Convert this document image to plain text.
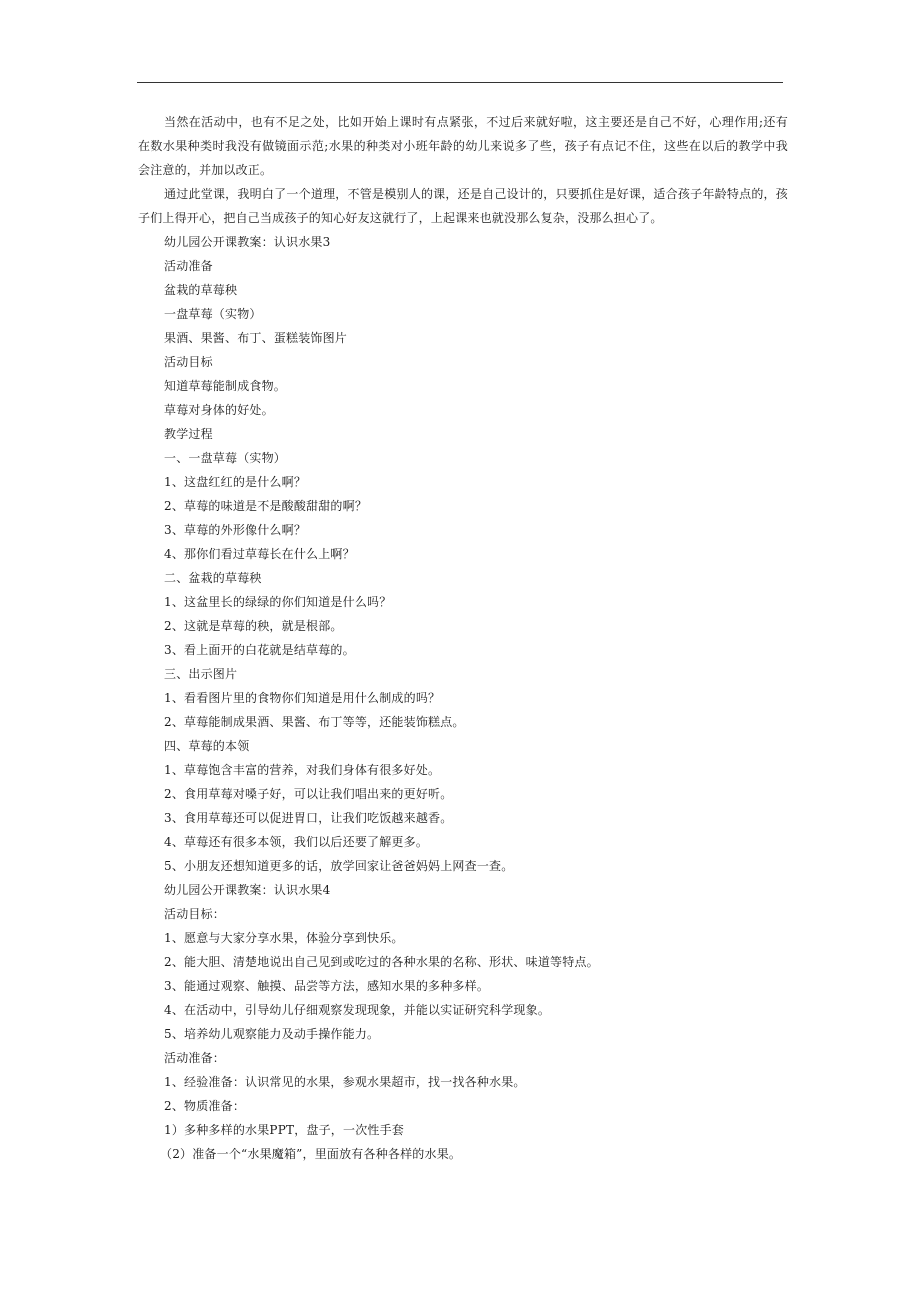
当然在活动中，也有不足之处，比如开始上课时有点紧张，不过后来就好啦，这主要还是自己不好，心理作用;还有在数水果种类时我没有做镜面示范;水果的种类对小班年龄的幼儿来说多了些，孩子有点记不住，这些在以后的教学中我会注意的，并加以改正。

通过此堂课，我明白了一个道理，不管是模别人的课，还是自己设计的，只要抓住是好课，适合孩子年龄特点的，孩子们上得开心，把自己当成孩子的知心好友这就行了，上起课来也就没那么复杂，没那么担心了。

幼儿园公开课教案：认识水果3

活动准备

盆栽的草莓秧

一盘草莓（实物）

果酒、果酱、布丁、蛋糕装饰图片

活动目标

知道草莓能制成食物。

草莓对身体的好处。

教学过程

一、一盘草莓（实物）

1、这盘红红的是什么啊？

2、草莓的味道是不是酸酸甜甜的啊？

3、草莓的外形像什么啊？

4、那你们看过草莓长在什么上啊？

二、盆栽的草莓秧

1、这盆里长的绿绿的你们知道是什么吗？

2、这就是草莓的秧，就是根部。

3、看上面开的白花就是结草莓的。

三、出示图片

1、看看图片里的食物你们知道是用什么制成的吗？

2、草莓能制成果酒、果酱、布丁等等，还能装饰糕点。

四、草莓的本领

1、草莓饱含丰富的营养，对我们身体有很多好处。

2、食用草莓对嗓子好，可以让我们唱出来的更好听。

3、食用草莓还可以促进胃口，让我们吃饭越来越香。

4、草莓还有很多本领，我们以后还要了解更多。

5、小朋友还想知道更多的话，放学回家让爸爸妈妈上网查一查。

幼儿园公开课教案：认识水果4

活动目标：

1、愿意与大家分享水果，体验分享到快乐。

2、能大胆、清楚地说出自己见到或吃过的各种水果的名称、形状、味道等特点。

3、能通过观察、触摸、品尝等方法，感知水果的多种多样。

4、在活动中，引导幼儿仔细观察发现现象，并能以实证研究科学现象。

5、培养幼儿观察能力及动手操作能力。

活动准备：

1、经验准备：认识常见的水果，参观水果超市，找一找各种水果。

2、物质准备：

1）多种多样的水果PPT，盘子，一次性手套

（2）准备一个“水果魔箱”，里面放有各种各样的水果。
